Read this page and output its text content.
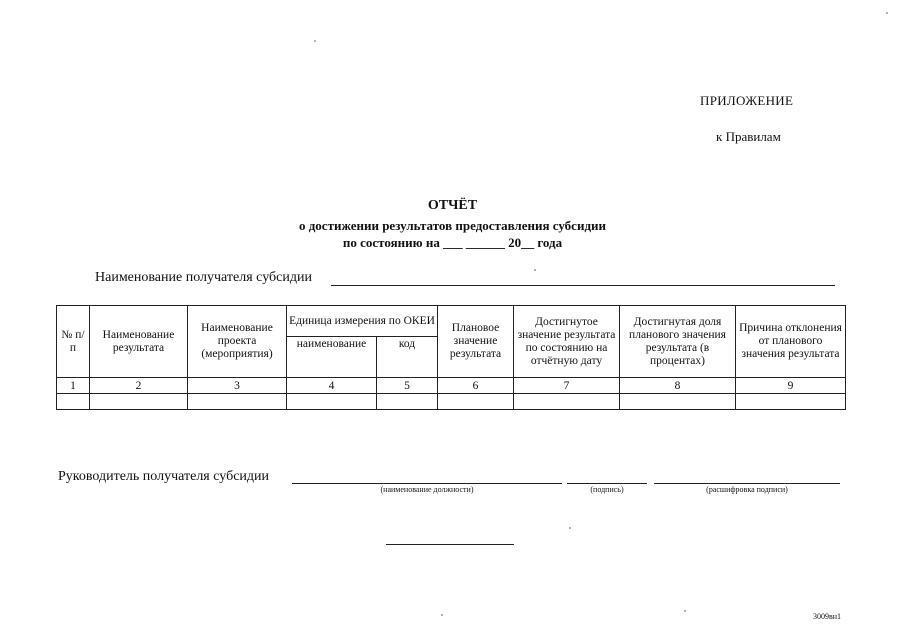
ПРИЛОЖЕНИЕ
к Правилам
ОТЧЁТ
о достижении результатов предоставления субсидии
по состоянию на ___ ______ 20__ года
Наименование получателя субсидии
№ п/п	Наименование результата	Наименование проекта (мероприятия)	Единица измерения по ОКЕИ		Плановое значение результата	Достигнутое значение результата по состоянию на отчётную дату	Достигнутая доля планового значения результата (в процентах)	Причина отклонения от планового значения результата
			наименование	код				
1	2	3	4	5	6	7	8	9

Руководитель получателя субсидии
(наименование должности)	(подпись)	(расшифровка подписи)
3009вн1
